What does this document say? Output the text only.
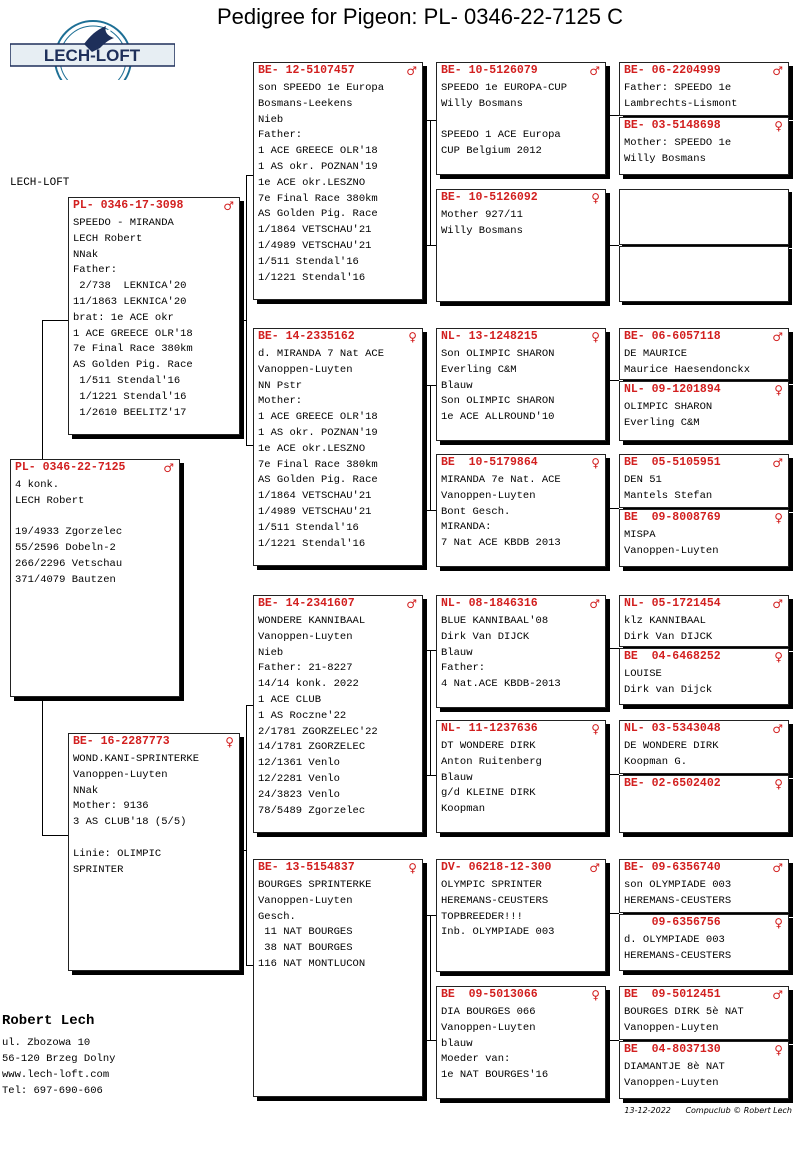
Pedigree for Pigeon: PL- 0346-22-7125 C
LECH-LOFT
LECH-LOFT
PL- 0346-22-7125	♂
4 konk.
LECH Robert
19/4933 Zgorzelec
55/2596 Dobeln-2
266/2296 Vetschau
371/4079 Bautzen
PL- 0346-17-3098	♂
SPEEDO - MIRANDA
LECH Robert
NNak
Father:
2/738  LEKNICA'20
11/1863 LEKNICA'20
brat: 1e ACE okr
1 ACE GREECE OLR'18
7e Final Race 380km
AS Golden Pig. Race
1/511 Stendal'16
1/1221 Stendal'16
1/2610 BEELITZ'17
BE- 16-2287773	♀
WOND.KANI-SPRINTERKE
Vanoppen-Luyten
NNak
Mother: 9136
3 AS CLUB'18 (5/5)
Linie: OLIMPIC
SPRINTER
BE- 12-5107457	♂
son SPEEDO 1e Europa
Bosmans-Leekens
Nieb
Father:
1 ACE GREECE OLR'18
1 AS okr. POZNAN'19
1e ACE okr.LESZNO
7e Final Race 380km
AS Golden Pig. Race
1/1864 VETSCHAU'21
1/4989 VETSCHAU'21
1/511 Stendal'16
1/1221 Stendal'16
BE- 14-2335162	♀
d. MIRANDA 7 Nat ACE
Vanoppen-Luyten
NN Pstr
Mother:
1 ACE GREECE OLR'18
1 AS okr. POZNAN'19
1e ACE okr.LESZNO
7e Final Race 380km
AS Golden Pig. Race
1/1864 VETSCHAU'21
1/4989 VETSCHAU'21
1/511 Stendal'16
1/1221 Stendal'16
BE- 14-2341607	♂
WONDERE KANNIBAAL
Vanoppen-Luyten
Nieb
Father: 21-8227
14/14 konk. 2022
1 ACE CLUB
1 AS Roczne'22
2/1781 ZGORZELEC'22
14/1781 ZGORZELEC
12/1361 Venlo
12/2281 Venlo
24/3823 Venlo
78/5489 Zgorzelec
BE- 13-5154837	♀
BOURGES SPRINTERKE
Vanoppen-Luyten
Gesch.
11 NAT BOURGES
38 NAT BOURGES
116 NAT MONTLUCON
BE- 10-5126079	♂
SPEEDO 1e EUROPA-CUP
Willy Bosmans
SPEEDO 1 ACE Europa
CUP Belgium 2012
BE- 10-5126092	♀
Mother 927/11
Willy Bosmans
NL- 13-1248215	♀
Son OLIMPIC SHARON
Everling C&M
Blauw
Son OLIMPIC SHARON
1e ACE ALLROUND'10
BE  10-5179864	♀
MIRANDA 7e Nat. ACE
Vanoppen-Luyten
Bont Gesch.
MIRANDA:
7 Nat ACE KBDB 2013
NL- 08-1846316	♂
BLUE KANNIBAAL'08
Dirk Van DIJCK
Blauw
Father:
4 Nat.ACE KBDB-2013
NL- 11-1237636	♀
DT WONDERE DIRK
Anton Ruitenberg
Blauw
g/d KLEINE DIRK
Koopman
DV- 06218-12-300	♂
OLYMPIC SPRINTER
HEREMANS-CEUSTERS
TOPBREEDER!!!
Inb. OLYMPIADE 003
BE  09-5013066	♀
DIA BOURGES 066
Vanoppen-Luyten
blauw
Moeder van:
1e NAT BOURGES'16
BE- 06-2204999	♂
Father: SPEEDO 1e
Lambrechts-Lismont
BE- 03-5148698	♀
Mother: SPEEDO 1e
Willy Bosmans
BE- 06-6057118	♂
DE MAURICE
Maurice Haesendonckx
NL- 09-1201894	♀
OLIMPIC SHARON
Everling C&M
BE  05-5105951	♂
DEN 51
Mantels Stefan
BE  09-8008769	♀
MISPA
Vanoppen-Luyten
NL- 05-1721454	♂
klz KANNIBAAL
Dirk Van DIJCK
BE  04-6468252	♀
LOUISE
Dirk van Dijck
NL- 03-5343048	♂
DE WONDERE DIRK
Koopman G.
BE- 02-6502402	♀
BE- 09-6356740	♂
son OLYMPIADE 003
HEREMANS-CEUSTERS
09-6356756	♀
d. OLYMPIADE 003
HEREMANS-CEUSTERS
BE  09-5012451	♂
BOURGES DIRK 5è NAT
Vanoppen-Luyten
BE  04-8037130	♀
DIAMANTJE 8è NAT
Vanoppen-Luyten
Robert Lech
ul. Zbozowa 10
56-120 Brzeg Dolny
www.lech-loft.com
Tel: 697-690-606
13-12-2022 Compuclub © Robert Lech
